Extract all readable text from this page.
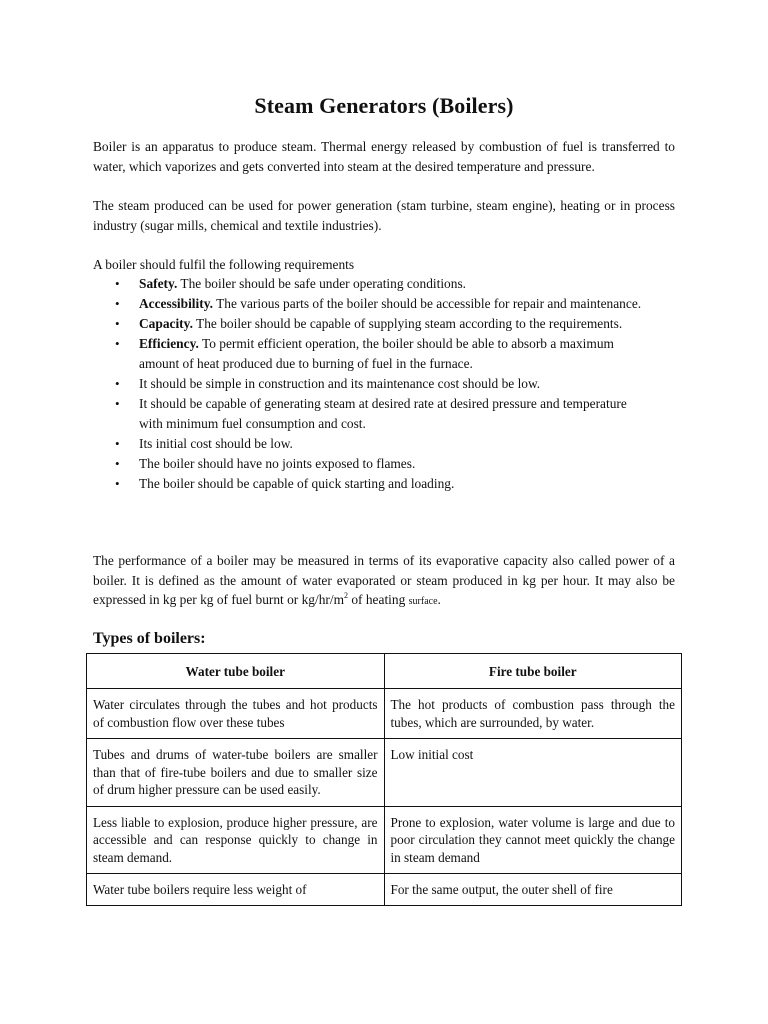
Steam Generators (Boilers)

Boiler is an apparatus to produce steam. Thermal energy released by combustion of fuel is transferred to water, which vaporizes and gets converted into steam at the desired temperature and pressure.

The steam produced can be used for power generation (stam turbine, steam engine), heating or in process industry (sugar mills, chemical and textile industries).

A boiler should fulfil the following requirements

• Safety. The boiler should be safe under operating conditions.
• Accessibility. The various parts of the boiler should be accessible for repair and maintenance.
• Capacity. The boiler should be capable of supplying steam according to the requirements.
• Efficiency. To permit efficient operation, the boiler should be able to absorb a maximum amount of heat produced due to burning of fuel in the furnace.
• It should be simple in construction and its maintenance cost should be low.
• It should be capable of generating steam at desired rate at desired pressure and temperature with minimum fuel consumption and cost.
• Its initial cost should be low.
• The boiler should have no joints exposed to flames.
• The boiler should be capable of quick starting and loading.

The performance of a boiler may be measured in terms of its evaporative capacity also called power of a boiler. It is defined as the amount of water evaporated or steam produced in kg per hour. It may also be expressed in kg per kg of fuel burnt or $kg/hr/m^2$ of heating surface.

Types of boilers:
Water tube boiler	Fire tube boiler
Water circulates through the tubes and hot products of combustion flow over these tubes	The hot products of combustion pass through the tubes, which are surrounded, by water.
Tubes and drums of water-tube boilers are smaller than that of fire-tube boilers and due to smaller size of drum higher pressure can be used easily.	Low initial cost
Less liable to explosion, produce higher pressure, are accessible and can response quickly to change in steam demand.	Prone to explosion, water volume is large and due to poor circulation they cannot meet quickly the change in steam demand
Water tube boilers require less weight of	For the same output, the outer shell of fire
